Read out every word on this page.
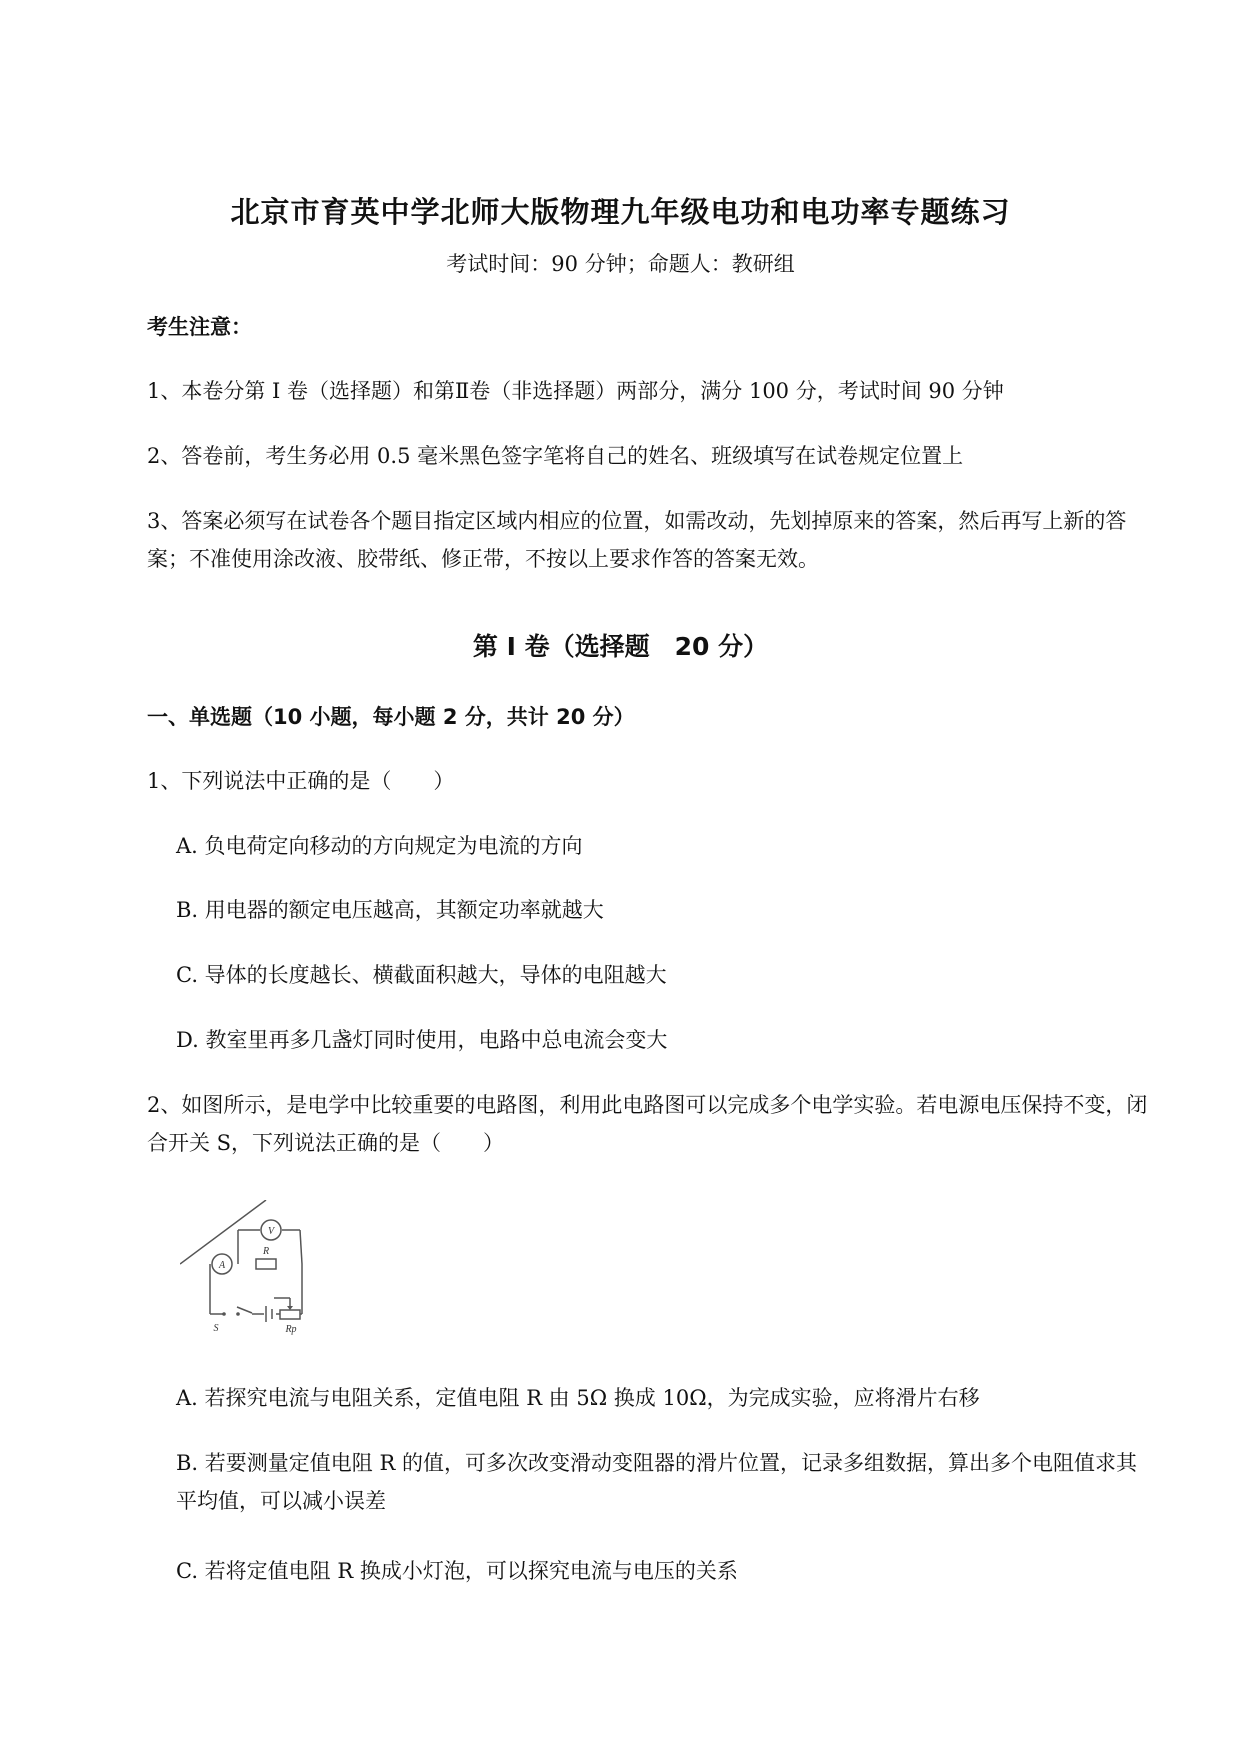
北京市育英中学北师大版物理九年级电功和电功率专题练习
考试时间：90 分钟；命题人：教研组
考生注意：
1、本卷分第 I 卷（选择题）和第Ⅱ卷（非选择题）两部分，满分 100 分，考试时间 90 分钟
2、答卷前，考生务必用 0.5 毫米黑色签字笔将自己的姓名、班级填写在试卷规定位置上
3、答案必须写在试卷各个题目指定区域内相应的位置，如需改动，先划掉原来的答案，然后再写上新的答案；不准使用涂改液、胶带纸、修正带，不按以上要求作答的答案无效。
第 I 卷（选择题　20 分）
一、单选题（10 小题，每小题 2 分，共计 20 分）
1、下列说法中正确的是（　　）
A. 负电荷定向移动的方向规定为电流的方向
B. 用电器的额定电压越高，其额定功率就越大
C. 导体的长度越长、横截面积越大，导体的电阻越大
D. 教室里再多几盏灯同时使用，电路中总电流会变大
2、如图所示，是电学中比较重要的电路图，利用此电路图可以完成多个电学实验。若电源电压保持不变，闭合开关 S，下列说法正确的是（　　）
V
A
R
S	Rp
A. 若探究电流与电阻关系，定值电阻 R 由 5Ω 换成 10Ω，为完成实验，应将滑片右移
B. 若要测量定值电阻 R 的值，可多次改变滑动变阻器的滑片位置，记录多组数据，算出多个电阻值求其平均值，可以减小误差
C. 若将定值电阻 R 换成小灯泡，可以探究电流与电压的关系
